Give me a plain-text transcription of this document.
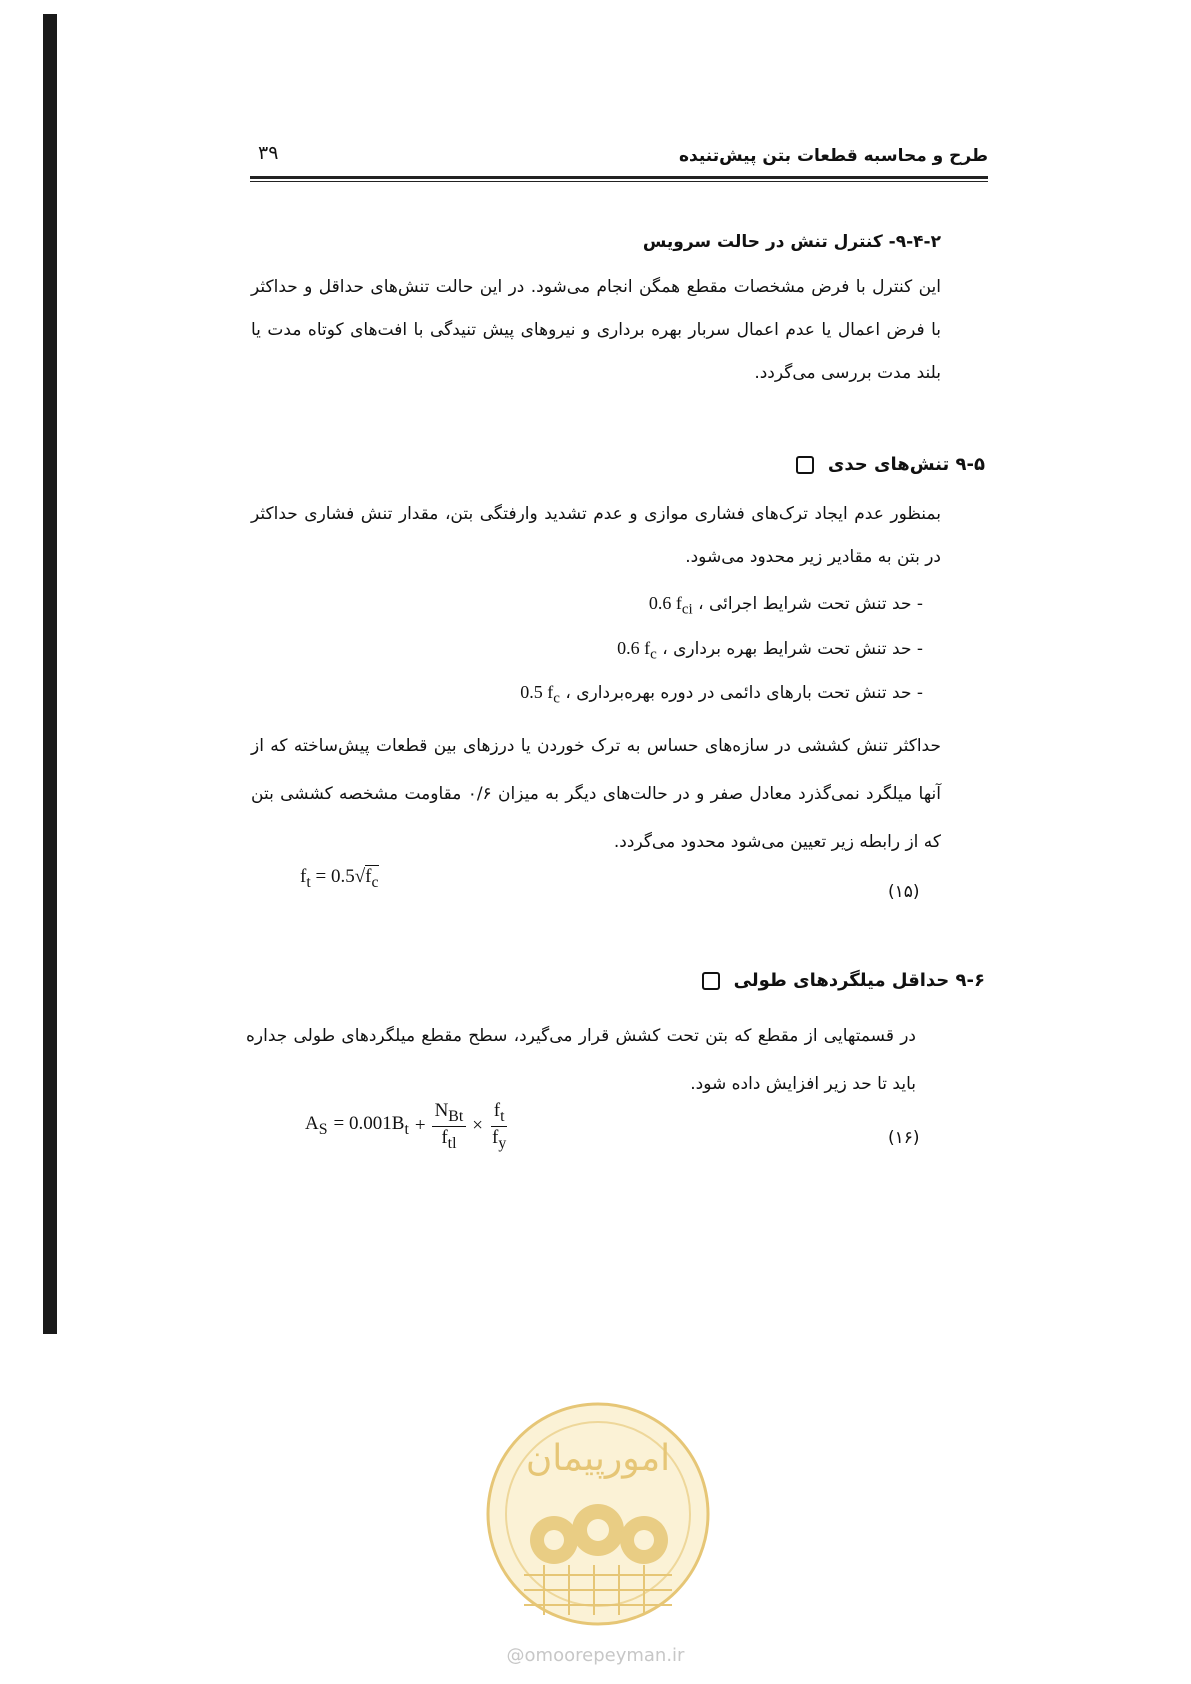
طرح و محاسبه قطعات بتن پیش‌تنیده
۳۹
۹-۴-۲- کنترل تنش در حالت سرویس
این کنترل با فرض مشخصات مقطع همگن انجام می‌شود. در این حالت تنش‌های حداقل و حداکثر با فرض اعمال یا عدم اعمال سربار بهره برداری و نیروهای پیش تنیدگی با افت‌های کوتاه مدت یا بلند مدت بررسی می‌گردد.
۹-۵ تنش‌های حدی
بمنظور عدم ایجاد ترک‌های فشاری موازی و عدم تشدید وارفتگی بتن، مقدار تنش فشاری حداکثر در بتن به مقادیر زیر محدود می‌شود.
- حد تنش تحت شرایط اجرائی ، 0.6 $f_{ci}$
- حد تنش تحت شرایط بهره برداری ، 0.6 $f_c$
- حد تنش تحت بارهای دائمی در دوره بهره‌برداری ، 0.5 $f_c$
حداکثر تنش کششی در سازه‌های حساس به ترک خوردن یا درزهای بین قطعات پیش‌ساخته که از آنها میلگرد نمی‌گذرد معادل صفر و در حالت‌های دیگر به میزان ۰/۶ مقاومت مشخصه کششی بتن که از رابطه زیر تعیین می‌شود محدود می‌گردد.
$f_t = 0.5√f_c$	(۱۵)
۹-۶ حداقل میلگردهای طولی
در قسمتهایی از مقطع که بتن تحت کشش قرار می‌گیرد، سطح مقطع میلگردهای طولی جداره باید تا حد زیر افزایش داده شود.
$A_S = 0.001B_t + \frac{N_{Bt}}{f_{tl}} \times \frac{f_t}{f_y}$	(۱۶)
امورپیمان
@omoorepeyman.ir
